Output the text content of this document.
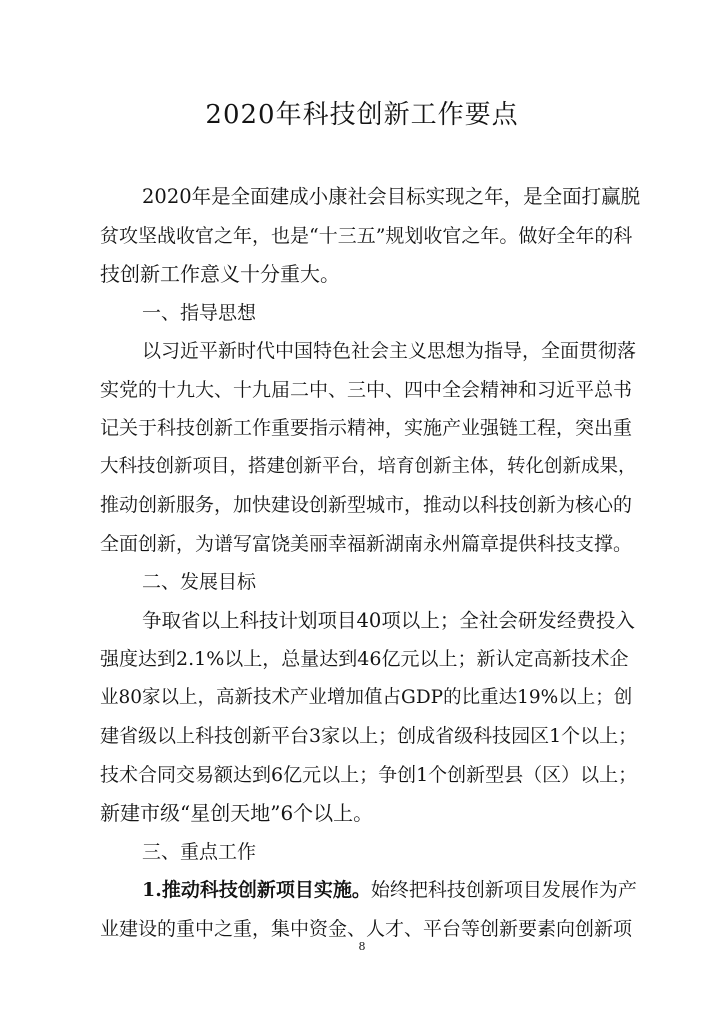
2020年科技创新工作要点
2020年是全面建成小康社会目标实现之年，是全面打赢脱
贫攻坚战收官之年，也是“十三五”规划收官之年。做好全年的科
技创新工作意义十分重大。
一、指导思想
以习近平新时代中国特色社会主义思想为指导，全面贯彻落
实党的十九大、十九届二中、三中、四中全会精神和习近平总书
记关于科技创新工作重要指示精神，实施产业强链工程，突出重
大科技创新项目，搭建创新平台，培育创新主体，转化创新成果，
推动创新服务，加快建设创新型城市，推动以科技创新为核心的
全面创新，为谱写富饶美丽幸福新湖南永州篇章提供科技支撑。
二、发展目标
争取省以上科技计划项目40项以上；全社会研发经费投入
强度达到2.1%以上，总量达到46亿元以上；新认定高新技术企
业80家以上，高新技术产业增加值占GDP的比重达19%以上；创
建省级以上科技创新平台3家以上；创成省级科技园区1个以上；
技术合同交易额达到6亿元以上；争创1个创新型县（区）以上；
新建市级“星创天地”6个以上。
三、重点工作
1.推动科技创新项目实施。始终把科技创新项目发展作为产
业建设的重中之重，集中资金、人才、平台等创新要素向创新项
8
